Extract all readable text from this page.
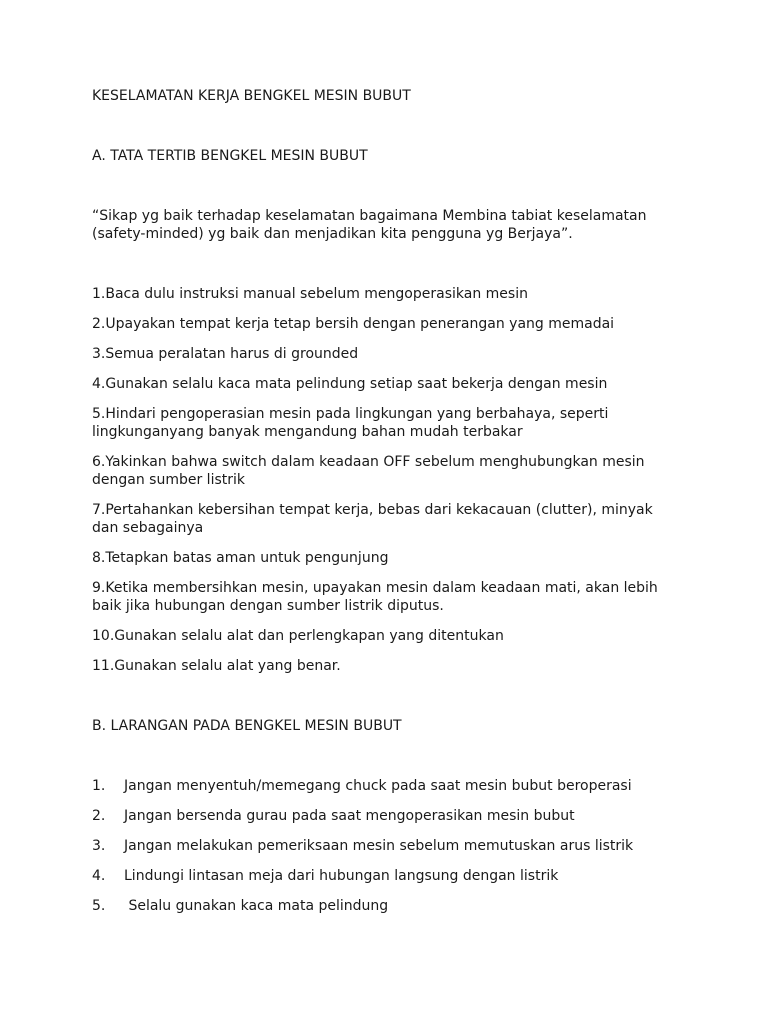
KESELAMATAN KERJA BENGKEL MESIN BUBUT
A. TATA TERTIB BENGKEL MESIN BUBUT
“Sikap yg baik terhadap keselamatan bagaimana Membina tabiat keselamatan
(safety-minded) yg baik dan menjadikan kita pengguna yg Berjaya”.
1.Baca dulu instruksi manual sebelum mengoperasikan mesin
2.Upayakan tempat kerja tetap bersih dengan penerangan yang memadai
3.Semua peralatan harus di grounded
4.Gunakan selalu kaca mata pelindung setiap saat bekerja dengan mesin
5.Hindari pengoperasian mesin pada lingkungan yang berbahaya, seperti
lingkunganyang banyak mengandung bahan mudah terbakar
6.Yakinkan bahwa switch dalam keadaan OFF sebelum menghubungkan mesin
dengan sumber listrik
7.Pertahankan kebersihan tempat kerja, bebas dari kekacauan (clutter), minyak
dan sebagainya
8.Tetapkan batas aman untuk pengunjung
9.Ketika membersihkan mesin, upayakan mesin dalam keadaan mati, akan lebih
baik jika hubungan dengan sumber listrik diputus.
10.Gunakan selalu alat dan perlengkapan yang ditentukan
11.Gunakan selalu alat yang benar.
B. LARANGAN PADA BENGKEL MESIN BUBUT
1. Jangan menyentuh/memegang chuck pada saat mesin bubut beroperasi
2. Jangan bersenda gurau pada saat mengoperasikan mesin bubut
3. Jangan melakukan pemeriksaan mesin sebelum memutuskan arus listrik
4. Lindungi lintasan meja dari hubungan langsung dengan listrik
5. Selalu gunakan kaca mata pelindung
